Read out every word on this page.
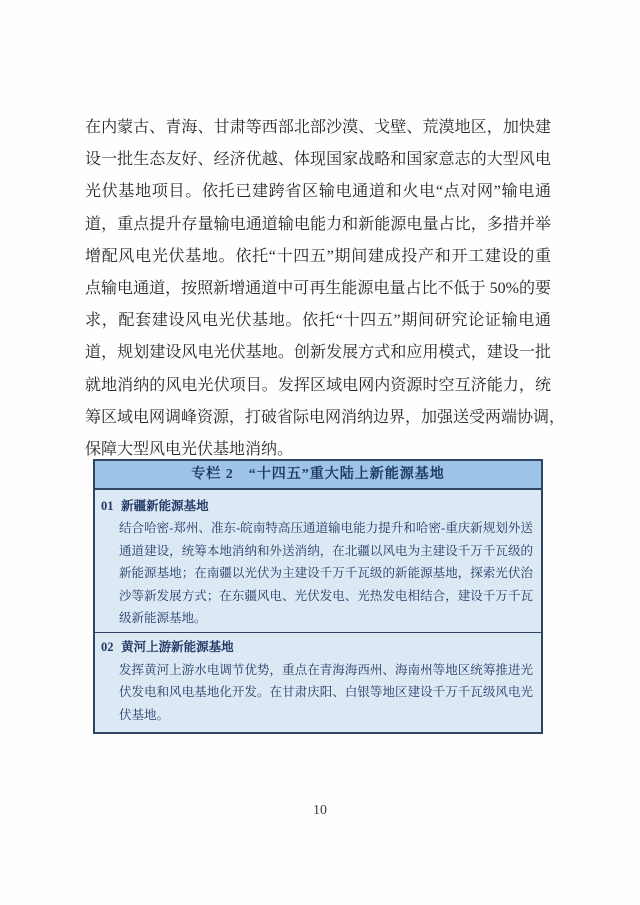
在内蒙古、青海、甘肃等西部北部沙漠、戈壁、荒漠地区，加快建
设一批生态友好、经济优越、体现国家战略和国家意志的大型风电
光伏基地项目。依托已建跨省区输电通道和火电“点对网”输电通
道，重点提升存量输电通道输电能力和新能源电量占比，多措并举
增配风电光伏基地。依托“十四五”期间建成投产和开工建设的重
点输电通道，按照新增通道中可再生能源电量占比不低于 50%的要
求，配套建设风电光伏基地。依托“十四五”期间研究论证输电通
道，规划建设风电光伏基地。创新发展方式和应用模式，建设一批
就地消纳的风电光伏项目。发挥区域电网内资源时空互济能力，统
筹区域电网调峰资源，打破省际电网消纳边界，加强送受两端协调，
保障大型风电光伏基地消纳。
专栏 2　“十四五”重大陆上新能源基地
01 新疆新能源基地
结合哈密-郑州、准东-皖南特高压通道输电能力提升和哈密-重庆新规划外送
通道建设，统筹本地消纳和外送消纳，在北疆以风电为主建设千万千瓦级的
新能源基地；在南疆以光伏为主建设千万千瓦级的新能源基地，探索光伏治
沙等新发展方式；在东疆风电、光伏发电、光热发电相结合，建设千万千瓦
级新能源基地。
02 黄河上游新能源基地
发挥黄河上游水电调节优势，重点在青海海西州、海南州等地区统筹推进光
伏发电和风电基地化开发。在甘肃庆阳、白银等地区建设千万千瓦级风电光
伏基地。
10
